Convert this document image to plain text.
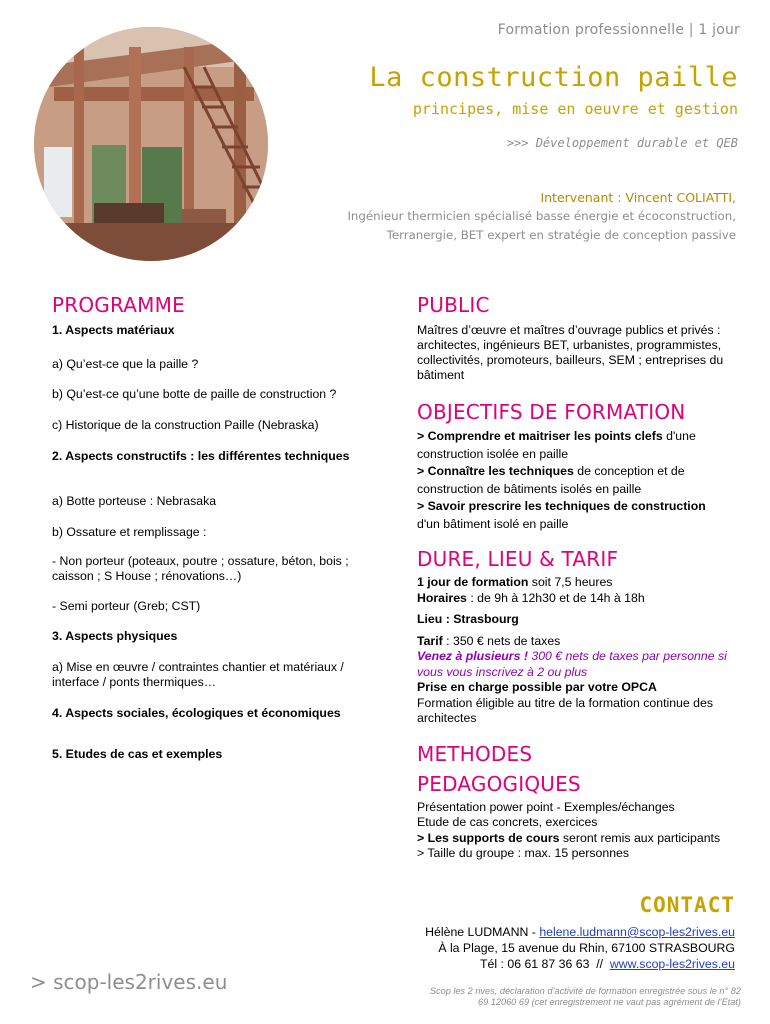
Formation professionnelle | 1 jour
La construction paille
principes, mise en oeuvre et gestion
>>> Développement durable et QEB
Intervenant : Vincent COLIATTI,
Ingénieur thermicien spécialisé basse énergie et écoconstruction,
Terranergie, BET expert en stratégie de conception passive
PROGRAMME
1. Aspects matériaux
a) Qu’est-ce que la paille ?
b) Qu’est-ce qu’une botte de paille de construction ?
c) Historique de la construction Paille (Nebraska)
2. Aspects constructifs : les différentes techniques
a) Botte porteuse : Nebrasaka
b) Ossature et remplissage :
- Non porteur (poteaux, poutre ; ossature, béton, bois ; caisson ; S House ; rénovations…)
- Semi porteur (Greb; CST)
3. Aspects physiques
a) Mise en œuvre / contraintes chantier et matériaux / interface / ponts thermiques…
4. Aspects sociales, écologiques et économiques
5. Etudes de cas et exemples
PUBLIC

Maîtres d’œuvre et maîtres d’ouvrage publics et privés : architectes, ingénieurs BET, urbanistes, programmistes, collectivités, promoteurs, bailleurs, SEM ; entreprises du bâtiment

OBJECTIFS DE FORMATION
> Comprendre et maitriser les points clefs d'une construction isolée en paille
> Connaître les techniques de conception et de construction de bâtiments isolés en paille
> Savoir prescrire les techniques de construction d'un bâtiment isolé en paille
DURE, LIEU & TARIF
1 jour de formation soit 7,5 heures
Horaires : de 9h à 12h30 et de 14h à 18h
Lieu : Strasbourg
Tarif : 350 € nets de taxes
Venez à plusieurs ! 300 € nets de taxes par personne si vous vous inscrivez à 2 ou plus
Prise en charge possible par votre OPCA
Formation éligible au titre de la formation continue des architectes
METHODES
PEDAGOGIQUES
Présentation power point - Exemples/échanges
Etude de cas concrets, exercices
> Les supports de cours seront remis aux participants
> Taille du groupe : max. 15 personnes
CONTACT
Hélène LUDMANN - helene.ludmann@scop-les2rives.eu
À la Plage, 15 avenue du Rhin, 67100 STRASBOURG
Tél : 06 61 87 36 63  //  www.scop-les2rives.eu
> scop-les2rives.eu	Scop les 2 rives, déclaration d’activité de formation enregistrée sous le n° 82
69 12060 69 (cet enregistrement ne vaut pas agrément de l’Etat)
